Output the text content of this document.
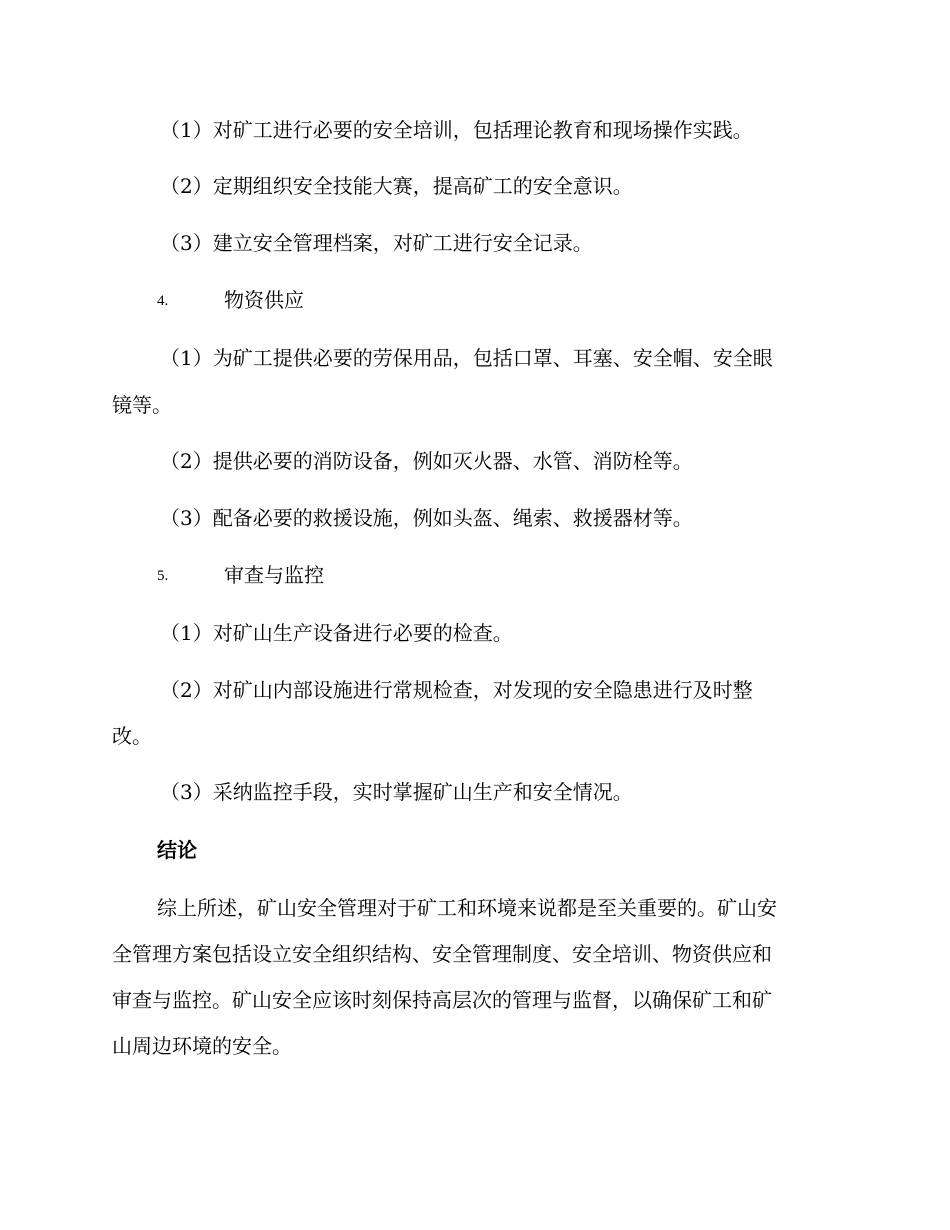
（1）对矿工进行必要的安全培训，包括理论教育和现场操作实践。
（2）定期组织安全技能大赛，提高矿工的安全意识。
（3）建立安全管理档案，对矿工进行安全记录。
4.	物资供应
（1）为矿工提供必要的劳保用品，包括口罩、耳塞、安全帽、安全眼
镜等。
（2）提供必要的消防设备，例如灭火器、水管、消防栓等。
（3）配备必要的救援设施，例如头盔、绳索、救援器材等。
5.	审查与监控
（1）对矿山生产设备进行必要的检查。
（2）对矿山内部设施进行常规检查，对发现的安全隐患进行及时整
改。
（3）采纳监控手段，实时掌握矿山生产和安全情况。
结论
综上所述，矿山安全管理对于矿工和环境来说都是至关重要的。矿山安
全管理方案包括设立安全组织结构、安全管理制度、安全培训、物资供应和
审查与监控。矿山安全应该时刻保持高层次的管理与监督，以确保矿工和矿
山周边环境的安全。
